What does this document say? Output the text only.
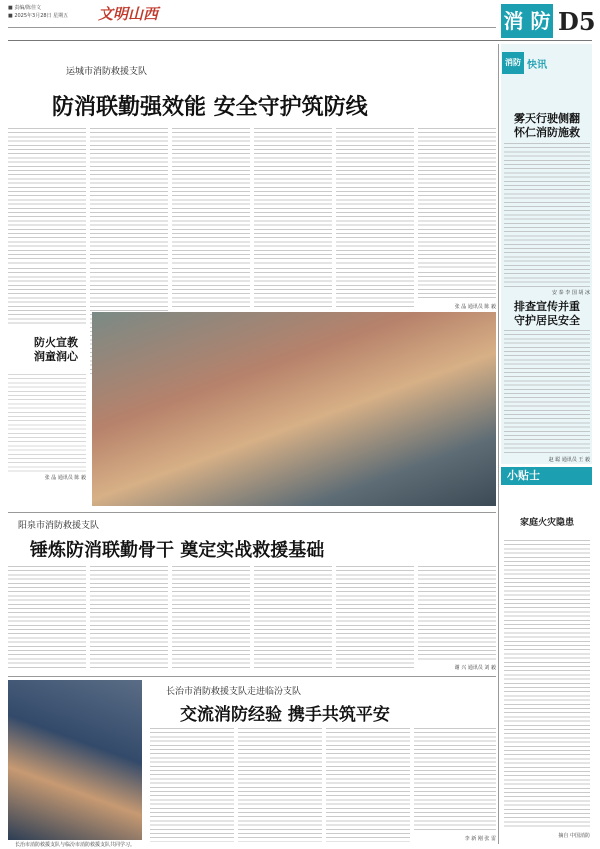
■ 责编/陈佳文
■ 2025年3月28日 星期五 文明山西	消 防 D5
运城市消防救援支队
防消联勤强效能 安全守护筑防线
张 晶 通讯员 陈 毅
防火宣教
润童润心
张 晶 通讯员 陈 毅
消防 快讯
雾天行驶侧翻
怀仁消防施救
安 泰 李 国 胡 冰
排查宣传并重
守护居民安全
赵 聪 通讯员 王 毅
阳泉市消防救援支队
锤炼防消联勤骨干 奠定实战救援基础
谢 兴 通讯员 刘 毅
长治市消防救援支队与临汾市消防救援支队共同学习。
长治市消防救援支队走进临汾支队
交流消防经验 携手共筑平安
李 新 刚 张 雷
小贴士
家庭火灾隐患
摘自 中国消防
